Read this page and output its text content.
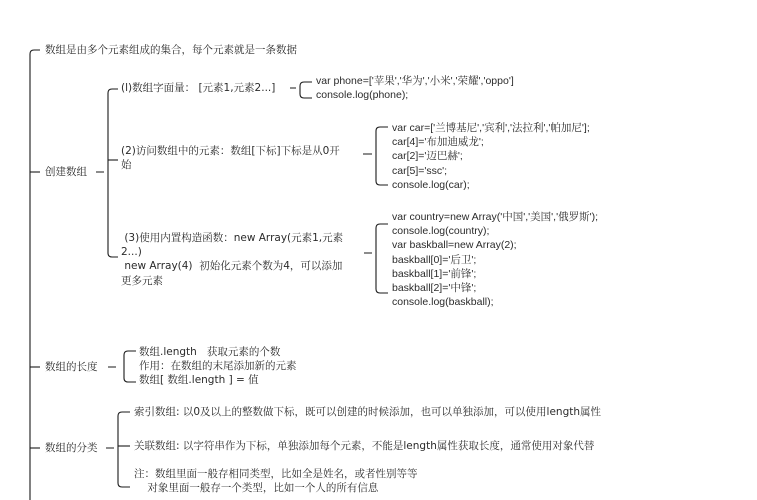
数组是由多个元素组成的集合，每个元素就是一条数据

创建数组

(l)数组字面量： [元素1,元素2...]

var phone=['苹果','华为','小米','荣耀','oppo']
console.log(phone);
(2)访问数组中的元素：数组[下标]下标是从0开
始
var car=['兰博基尼','宾利','法拉利','帕加尼'];
car[4]='布加迪威龙';
car[2]='迈巴赫';
car[5]='ssc';
console.log(car);
(3)使用内置构造函数：new Array(元素1,元素
2...)
new Array(4)  初始化元素个数为4，可以添加
更多元素
var country=new Array('中国','美国','俄罗斯');
console.log(country);
var baskball=new Array(2);
baskball[0]='后卫';
baskball[1]='前锋';
baskball[2]='中锋';
console.log(baskball);

数组的长度

数组.length   获取元素的个数
作用：在数组的末尾添加新的元素
数组[ 数组.length ] = 值

数组的分类

索引数组: 以0及以上的整数做下标，既可以创建的时候添加，也可以单独添加，可以使用length属性

关联数组: 以字符串作为下标，单独添加每个元素，不能是length属性获取长度，通常使用对象代替

注：数组里面一般存相同类型，比如全是姓名，或者性别等等
对象里面一般存一个类型，比如一个人的所有信息
